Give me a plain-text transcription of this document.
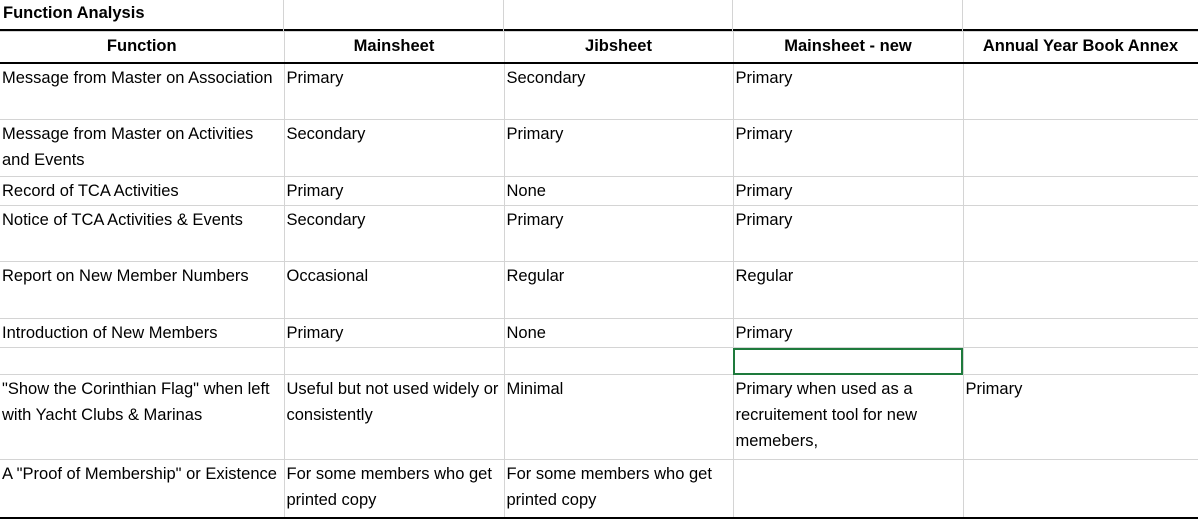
Function Analysis
Function	Mainsheet	Jibsheet	Mainsheet - new	Annual Year Book Annex
Message from Master on Association	Primary	Secondary	Primary	
Message from Master on Activities and Events	Secondary	Primary	Primary	
Record of TCA Activities	Primary	None	Primary	
Notice of TCA Activities & Events	Secondary	Primary	Primary	
Report on New Member Numbers	Occasional	Regular	Regular	
Introduction of New Members	Primary	None	Primary	

"Show the Corinthian Flag" when left with Yacht Clubs & Marinas	Useful but not used widely or consistently	Minimal	Primary when used as a recruitement tool for new memebers,	Primary
A "Proof of Membership" or Existence	For some members who get printed copy	For some members who get printed copy		
